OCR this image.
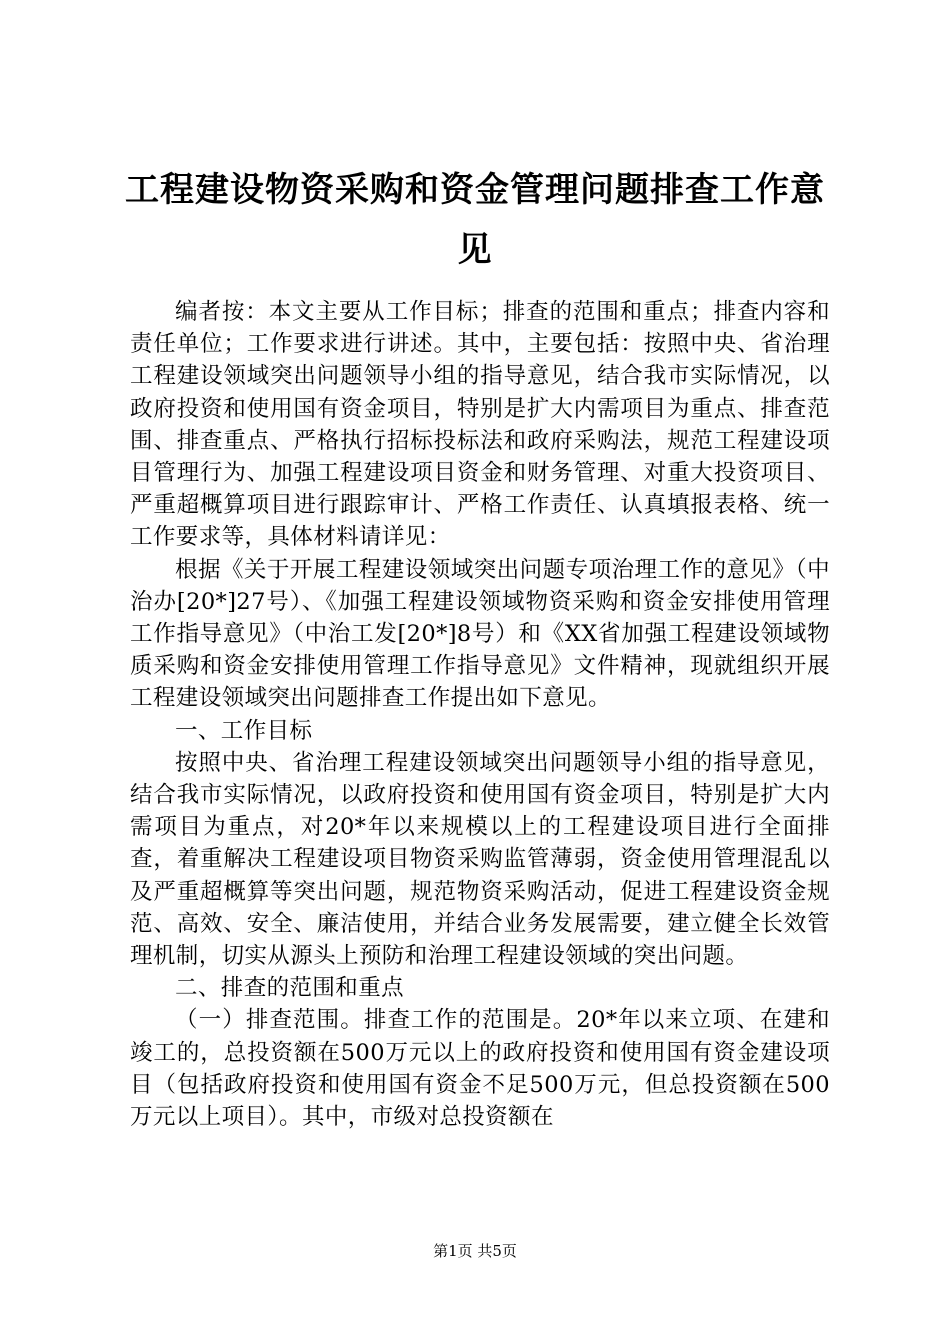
工程建设物资采购和资金管理问题排查工作意见

编者按：本文主要从工作目标；排查的范围和重点；排查内容和责任单位；工作要求进行讲述。其中，主要包括：按照中央、省治理工程建设领域突出问题领导小组的指导意见，结合我市实际情况，以政府投资和使用国有资金项目，特别是扩大内需项目为重点、排查范围、排查重点、严格执行招标投标法和政府采购法，规范工程建设项目管理行为、加强工程建设项目资金和财务管理、对重大投资项目、严重超概算项目进行跟踪审计、严格工作责任、认真填报表格、统一工作要求等，具体材料请详见：

根据《关于开展工程建设领域突出问题专项治理工作的意见》（中治办[20*]27号）、《加强工程建设领域物资采购和资金安排使用管理工作指导意见》（中治工发[20*]8号）和《XX省加强工程建设领域物质采购和资金安排使用管理工作指导意见》文件精神，现就组织开展工程建设领域突出问题排查工作提出如下意见。

一、工作目标

按照中央、省治理工程建设领域突出问题领导小组的指导意见，结合我市实际情况，以政府投资和使用国有资金项目，特别是扩大内需项目为重点，对20*年以来规模以上的工程建设项目进行全面排查，着重解决工程建设项目物资采购监管薄弱，资金使用管理混乱以及严重超概算等突出问题，规范物资采购活动，促进工程建设资金规范、高效、安全、廉洁使用，并结合业务发展需要，建立健全长效管理机制，切实从源头上预防和治理工程建设领域的突出问题。

二、排查的范围和重点

（一）排查范围。排查工作的范围是。20*年以来立项、在建和竣工的，总投资额在500万元以上的政府投资和使用国有资金建设项目（包括政府投资和使用国有资金不足500万元，但总投资额在500万元以上项目）。其中，市级对总投资额在

第1页 共5页
